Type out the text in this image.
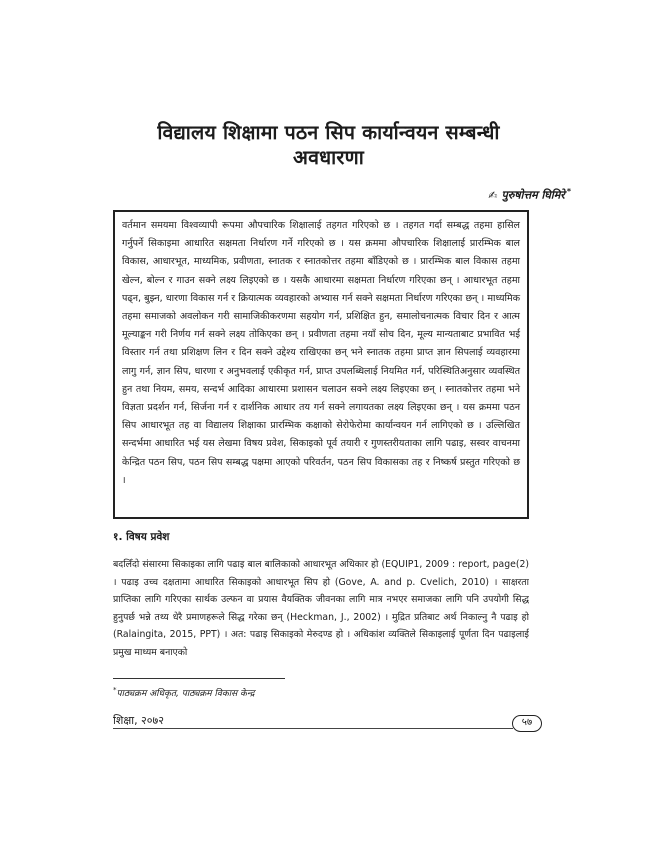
विद्यालय शिक्षामा पठन सिप कार्यान्वयन सम्बन्धी
अवधारणा
✍ पुरुषोत्तम घिमिरे *

वर्तमान समयमा विश्वव्यापी रूपमा औपचारिक शिक्षालाई तहगत गरिएको छ । तहगत गर्दा सम्बद्ध तहमा हासिल गर्नुपर्ने सिकाइमा आधारित सक्षमता निर्धारण गर्ने गरिएको छ । यस क्रममा औपचारिक शिक्षालाई प्रारम्भिक बाल विकास, आधारभूत, माध्यमिक, प्रवीणता, स्नातक र स्नातकोत्तर तहमा बाँडिएको छ । प्रारम्भिक बाल विकास तहमा खेल्न, बोल्न र गाउन सक्ने लक्ष्य लिइएको छ । यसकै आधारमा सक्षमता निर्धारण गरिएका छन् । आधारभूत तहमा पढ्न, बुझ्न, धारणा विकास गर्न र क्रियात्मक व्यवहारको अभ्यास गर्न सक्ने सक्षमता निर्धारण गरिएका छन् । माध्यमिक तहमा समाजको अवलोकन गरी सामाजिकीकरणमा सहयोग गर्न, प्रशिक्षित हुन, समालोचनात्मक विचार दिन र आत्म मूल्याङ्कन गरी निर्णय गर्न सक्ने लक्ष्य तोकिएका छन् । प्रवीणता तहमा नयाँ सोच दिन, मूल्य मान्यताबाट प्रभावित भई विस्तार गर्न तथा प्रशिक्षण लिन र दिन सक्ने उद्देश्य राखिएका छन् भने स्नातक तहमा प्राप्त ज्ञान सिपलाई व्यवहारमा लागु गर्न, ज्ञान सिप, धारणा र अनुभवलाई एकीकृत गर्न, प्राप्त उपलब्धिलाई नियमित गर्न, परिस्थितिअनुसार व्यवस्थित हुन तथा नियम, समय, सन्दर्भ आदिका आधारमा प्रशासन चलाउन सक्ने लक्ष्य लिइएका छन् । स्नातकोत्तर तहमा भने विज्ञता प्रदर्शन गर्न, सिर्जना गर्न र दार्शनिक आधार तय गर्न सक्ने लगायतका लक्ष्य लिइएका छन् । यस क्रममा पठन सिप आधारभूत तह वा विद्यालय शिक्षाका प्रारम्भिक कक्षाको सेरोफेरोमा कार्यान्वयन गर्न लागिएको छ । उल्लिखित सन्दर्भमा आधारित भई यस लेखमा विषय प्रवेश, सिकाइको पूर्व तयारी र गुणस्तरीयताका लागि पढाइ, सस्वर वाचनमा केन्द्रित पठन सिप, पठन सिप सम्बद्ध पक्षमा आएको परिवर्तन, पठन सिप विकासका तह र निष्कर्ष प्रस्तुत गरिएको छ ।

१. विषय प्रवेश

बदलिँदो संसारमा सिकाइका लागि पढाइ बाल बालिकाको आधारभूत अधिकार हो (EQUIP1, 2009 : report, page(2) । पढाइ उच्च दक्षतामा आधारित सिकाइको आधारभूत सिप हो (Gove, A. and p. Cvelich, 2010) । साक्षरता प्राप्तिका लागि गरिएका सार्थक उल्फन वा प्रयास वैयक्तिक जीवनका लागि मात्र नभएर समाजका लागि पनि उपयोगी सिद्ध हुनुपर्छ भन्ने तथ्य धेरै प्रमाणहरूले सिद्ध गरेका छन् (Heckman, J., 2002) । मुद्रित प्रतिबाट अर्थ निकाल्नु नै पढाइ हो (Ralaingita, 2015, PPT) । अत: पढाइ सिकाइको मेरुदण्ड हो । अधिकांश व्यक्तिले सिकाइलाई पूर्णता दिन पढाइलाई प्रमुख माध्यम बनाएको

*पाठ्यक्रम अधिकृत, पाठ्यक्रम विकास केन्द्र
शिक्षा, २०७२	५७
